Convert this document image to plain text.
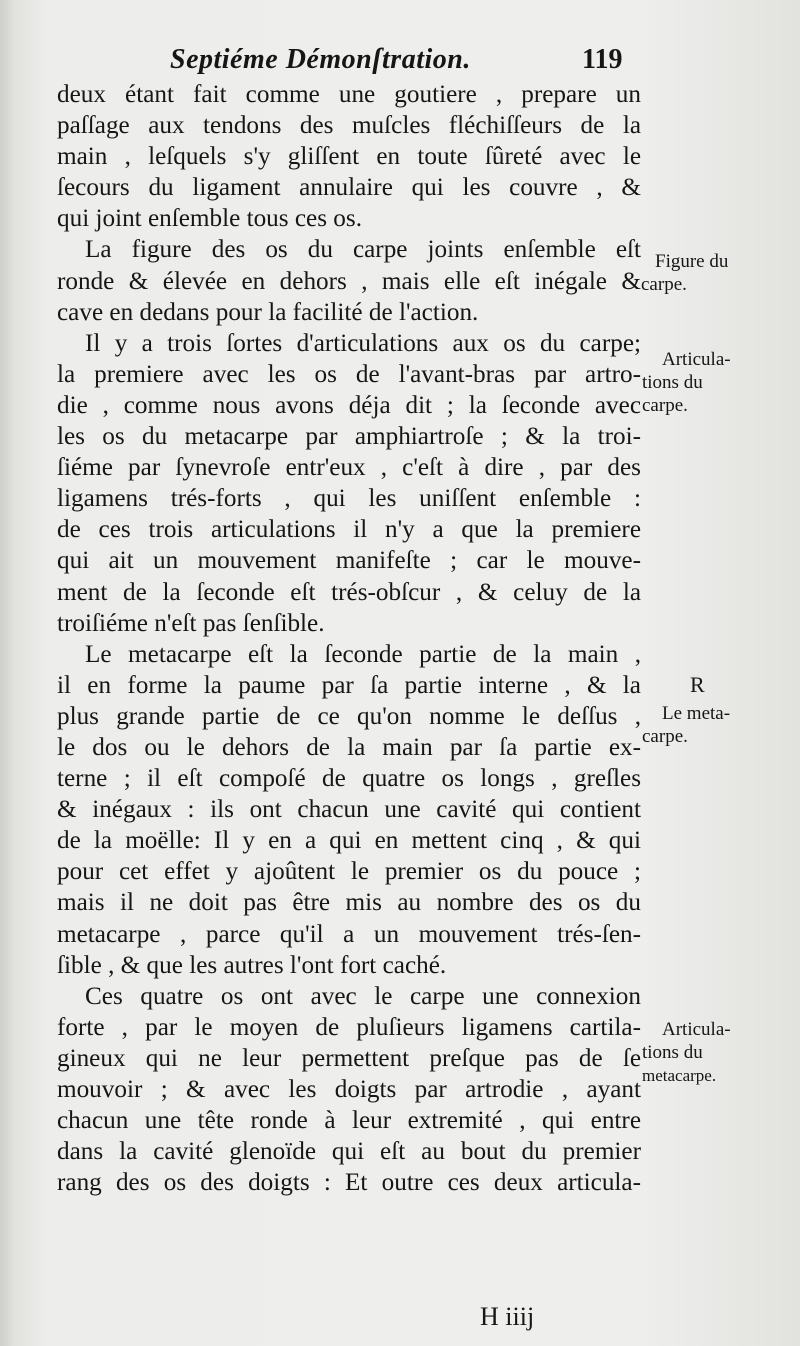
Septiéme Démonſtration.	119
deux étant fait comme une goutiere , prepare un
paſſage aux tendons des muſcles fléchiſſeurs de la
main , leſquels s'y gliſſent en toute ſûreté avec le
ſecours du ligament annulaire qui les couvre , &
qui joint enſemble tous ces os.
La figure des os du carpe joints enſemble eſt
ronde & élevée en dehors , mais elle eſt inégale &
cave en dedans pour la facilité de l'action.
Il y a trois ſortes d'articulations aux os du carpe;
la premiere avec les os de l'avant-bras par artro-
die , comme nous avons déja dit ; la ſeconde avec
les os du metacarpe par amphiartroſe ; & la troi-
ſiéme par ſynevroſe entr'eux , c'eſt à dire , par des
ligamens trés-forts , qui les uniſſent enſemble :
de ces trois articulations il n'y a que la premiere
qui ait un mouvement manifeſte ; car le mouve-
ment de la ſeconde eſt trés-obſcur , & celuy de la
troiſiéme n'eſt pas ſenſible.
Le metacarpe eſt la ſeconde partie de la main ,
il en forme la paume par ſa partie interne , & la
plus grande partie de ce qu'on nomme le deſſus ,
le dos ou le dehors de la main par ſa partie ex-
terne ; il eſt compoſé de quatre os longs , greſles
& inégaux : ils ont chacun une cavité qui contient
de la moëlle: Il y en a qui en mettent cinq , & qui
pour cet effet y ajoûtent le premier os du pouce ;
mais il ne doit pas être mis au nombre des os du
metacarpe , parce qu'il a un mouvement trés-ſen-
ſible , & que les autres l'ont fort caché.
Ces quatre os ont avec le carpe une connexion
forte , par le moyen de pluſieurs ligamens cartila-
gineux qui ne leur permettent preſque pas de ſe
mouvoir ; & avec les doigts par artrodie , ayant
chacun une tête ronde à leur extremité , qui entre
dans la cavité glenoïde qui eſt au bout du premier
rang des os des doigts : Et outre ces deux articula-
Figure du
carpe.
Articula-
tions du
carpe.
R
Le meta-
carpe.
Articula-
tions du
metacarpe.
H iiij
